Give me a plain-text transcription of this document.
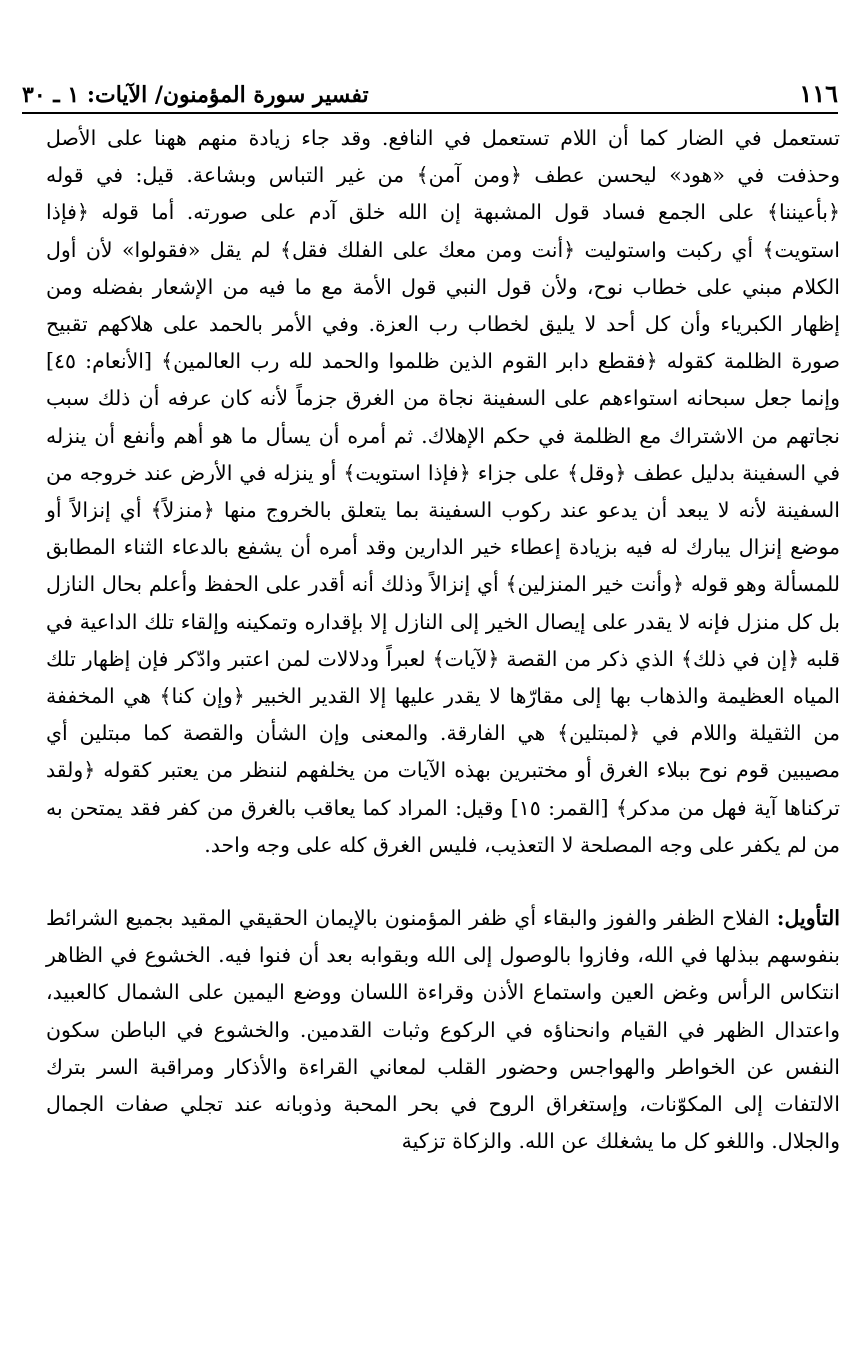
١١٦
تفسير سورة المؤمنون/ الآيات: ١ ـ ٣٠

تستعمل في الضار كما أن اللام تستعمل في النافع. وقد جاء زيادة منهم ههنا على الأصل وحذفت في «هود» ليحسن عطف ﴿ومن آمن﴾ من غير التباس وبشاعة. قيل: في قوله ﴿بأعيننا﴾ على الجمع فساد قول المشبهة إن الله خلق آدم على صورته. أما قوله ﴿فإذا استويت﴾ أي ركبت واستوليت ﴿أنت ومن معك على الفلك فقل﴾ لم يقل «فقولوا» لأن أول الكلام مبني على خطاب نوح، ولأن قول النبي قول الأمة مع ما فيه من الإشعار بفضله ومن إظهار الكبرياء وأن كل أحد لا يليق لخطاب رب العزة. وفي الأمر بالحمد على هلاكهم تقبيح صورة الظلمة كقوله ﴿فقطع دابر القوم الذين ظلموا والحمد لله رب العالمين﴾ [الأنعام: ٤٥] وإنما جعل سبحانه استواءهم على السفينة نجاة من الغرق جزماً لأنه كان عرفه أن ذلك سبب نجاتهم من الاشتراك مع الظلمة في حكم الإهلاك. ثم أمره أن يسأل ما هو أهم وأنفع أن ينزله في السفينة بدليل عطف ﴿وقل﴾ على جزاء ﴿فإذا استويت﴾ أو ينزله في الأرض عند خروجه من السفينة لأنه لا يبعد أن يدعو عند ركوب السفينة بما يتعلق بالخروج منها ﴿منزلاً﴾ أي إنزالاً أو موضع إنزال يبارك له فيه بزيادة إعطاء خير الدارين وقد أمره أن يشفع بالدعاء الثناء المطابق للمسألة وهو قوله ﴿وأنت خير المنزلين﴾ أي إنزالاً وذلك أنه أقدر على الحفظ وأعلم بحال النازل بل كل منزل فإنه لا يقدر على إيصال الخير إلى النازل إلا بإقداره وتمكينه وإلقاء تلك الداعية في قلبه ﴿إن في ذلك﴾ الذي ذكر من القصة ﴿لآيات﴾ لعبراً ودلالات لمن اعتبر وادّكر فإن إظهار تلك المياه العظيمة والذهاب بها إلى مقارّها لا يقدر عليها إلا القدير الخبير ﴿وإن كنا﴾ هي المخففة من الثقيلة واللام في ﴿لمبتلين﴾ هي الفارقة. والمعنى وإن الشأن والقصة كما مبتلين أي مصيبين قوم نوح ببلاء الغرق أو مختبرين بهذه الآيات من يخلفهم لننظر من يعتبر كقوله ﴿ولقد تركناها آية فهل من مدكر﴾ [القمر: ١٥] وقيل: المراد كما يعاقب بالغرق من كفر فقد يمتحن به من لم يكفر على وجه المصلحة لا التعذيب، فليس الغرق كله على وجه واحد.

التأويل: الفلاح الظفر والفوز والبقاء أي ظفر المؤمنون بالإيمان الحقيقي المقيد بجميع الشرائط بنفوسهم ببذلها في الله، وفازوا بالوصول إلى الله وبقوابه بعد أن فنوا فيه. الخشوع في الظاهر انتكاس الرأس وغض العين واستماع الأذن وقراءة اللسان ووضع اليمين على الشمال كالعبيد، واعتدال الظهر في القيام وانحناؤه في الركوع وثبات القدمين. والخشوع في الباطن سكون النفس عن الخواطر والهواجس وحضور القلب لمعاني القراءة والأذكار ومراقبة السر بترك الالتفات إلى المكوّنات، وإستغراق الروح في بحر المحبة وذوبانه عند تجلي صفات الجمال والجلال. واللغو كل ما يشغلك عن الله. والزكاة تزكية
